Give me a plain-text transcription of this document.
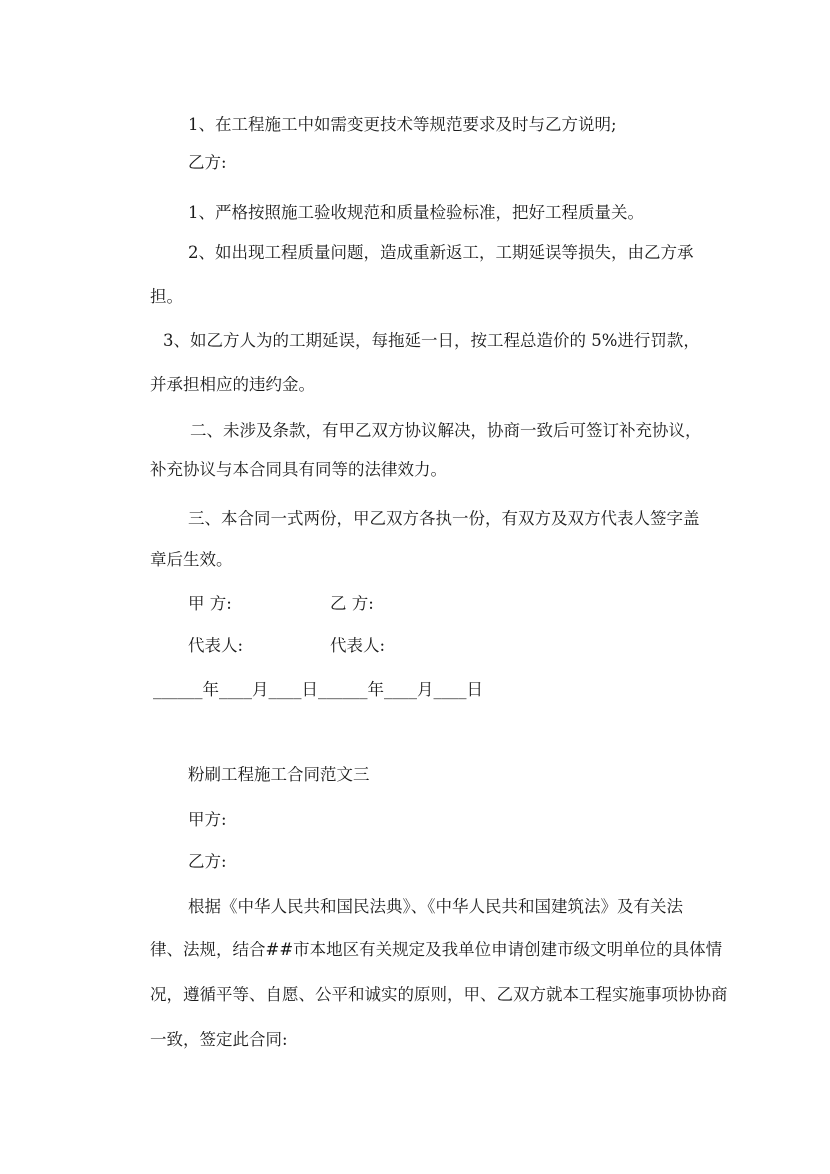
1、在工程施工中如需变更技术等规范要求及时与乙方说明;
乙方:
1、严格按照施工验收规范和质量检验标准，把好工程质量关。
2、如出现工程质量问题，造成重新返工，工期延误等损失，由乙方承
担。
3、如乙方人为的工期延误，每拖延一日，按工程总造价的 5%进行罚款，
并承担相应的违约金。
二、未涉及条款，有甲乙双方协议解决，协商一致后可签订补充协议，
补充协议与本合同具有同等的法律效力。
三、本合同一式两份，甲乙双方各执一份，有双方及双方代表人签字盖
章后生效。
甲 方:	乙 方:
代表人:	代表人:
______年____月____日______年____月____日
粉刷工程施工合同范文三
甲方:
乙方:
根据《中华人民共和国民法典》、《中华人民共和国建筑法》及有关法
律、法规，结合##市本地区有关规定及我单位申请创建市级文明单位的具体情
况，遵循平等、自愿、公平和诚实的原则，甲、乙双方就本工程实施事项协协商
一致，签定此合同:
